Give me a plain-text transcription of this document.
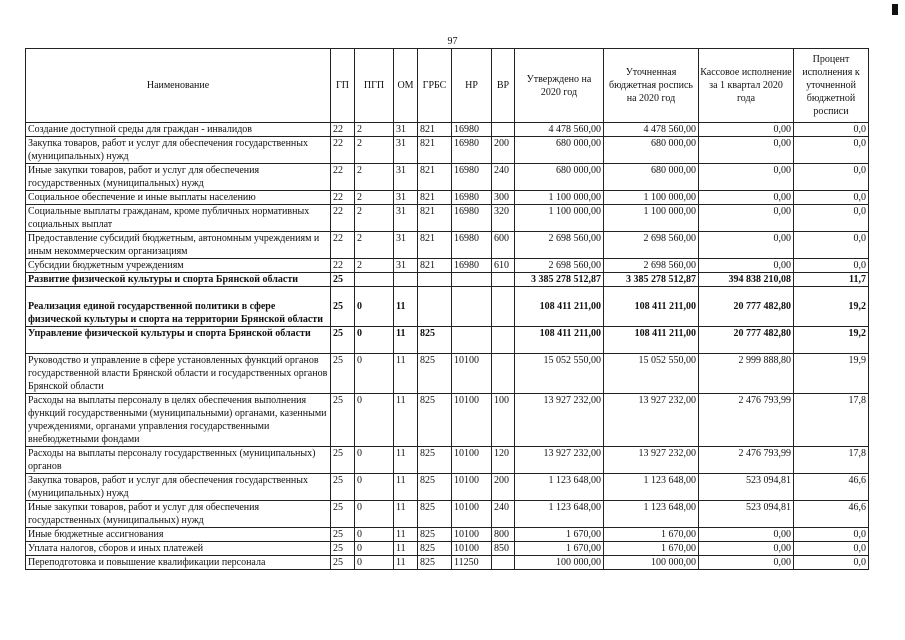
97
Наименование	ГП	ПГП	ОМ	ГРБС	НР	ВР	Утверждено на 2020 год	Уточненная бюджетная роспись на 2020 год	Кассовое исполнение за 1 квартал 2020 года	Процент исполнения к уточненной бюджетной росписи
Создание доступной среды для граждан - инвалидов	22	2	31	821	16980		4 478 560,00	4 478 560,00	0,00	0,0
Закупка товаров, работ и услуг для обеспечения государственных (муниципальных) нужд	22	2	31	821	16980	200	680 000,00	680 000,00	0,00	0,0
Иные закупки товаров, работ и услуг для обеспечения государственных (муниципальных) нужд	22	2	31	821	16980	240	680 000,00	680 000,00	0,00	0,0
Социальное обеспечение и иные выплаты населению	22	2	31	821	16980	300	1 100 000,00	1 100 000,00	0,00	0,0
Социальные выплаты гражданам, кроме публичных нормативных социальных выплат	22	2	31	821	16980	320	1 100 000,00	1 100 000,00	0,00	0,0
Предоставление субсидий бюджетным, автономным учреждениям и иным некоммерческим организациям	22	2	31	821	16980	600	2 698 560,00	2 698 560,00	0,00	0,0
Субсидии бюджетным учреждениям	22	2	31	821	16980	610	2 698 560,00	2 698 560,00	0,00	0,0
Развитие физической культуры и спорта Брянской области	25						3 385 278 512,87	3 385 278 512,87	394 838 210,08	11,7
Реализация единой государственной политики в сфере физической культуры и спорта на территории Брянской области	25	0	11				108 411 211,00	108 411 211,00	20 777 482,80	19,2
Управление физической культуры и спорта Брянской области	25	0	11	825			108 411 211,00	108 411 211,00	20 777 482,80	19,2
Руководство и управление в сфере установленных функций органов государственной власти Брянской области и государственных органов Брянской области	25	0	11	825	10100		15 052 550,00	15 052 550,00	2 999 888,80	19,9
Расходы на выплаты персоналу в целях обеспечения выполнения функций государственными (муниципальными) органами, казенными учреждениями, органами управления государственными внебюджетными фондами	25	0	11	825	10100	100	13 927 232,00	13 927 232,00	2 476 793,99	17,8
Расходы на выплаты персоналу государственных (муниципальных) органов	25	0	11	825	10100	120	13 927 232,00	13 927 232,00	2 476 793,99	17,8
Закупка товаров, работ и услуг для обеспечения государственных (муниципальных) нужд	25	0	11	825	10100	200	1 123 648,00	1 123 648,00	523 094,81	46,6
Иные закупки товаров, работ и услуг для обеспечения государственных (муниципальных) нужд	25	0	11	825	10100	240	1 123 648,00	1 123 648,00	523 094,81	46,6
Иные бюджетные ассигнования	25	0	11	825	10100	800	1 670,00	1 670,00	0,00	0,0
Уплата налогов, сборов и иных платежей	25	0	11	825	10100	850	1 670,00	1 670,00	0,00	0,0
Переподготовка и повышение квалификации персонала	25	0	11	825	11250		100 000,00	100 000,00	0,00	0,0
